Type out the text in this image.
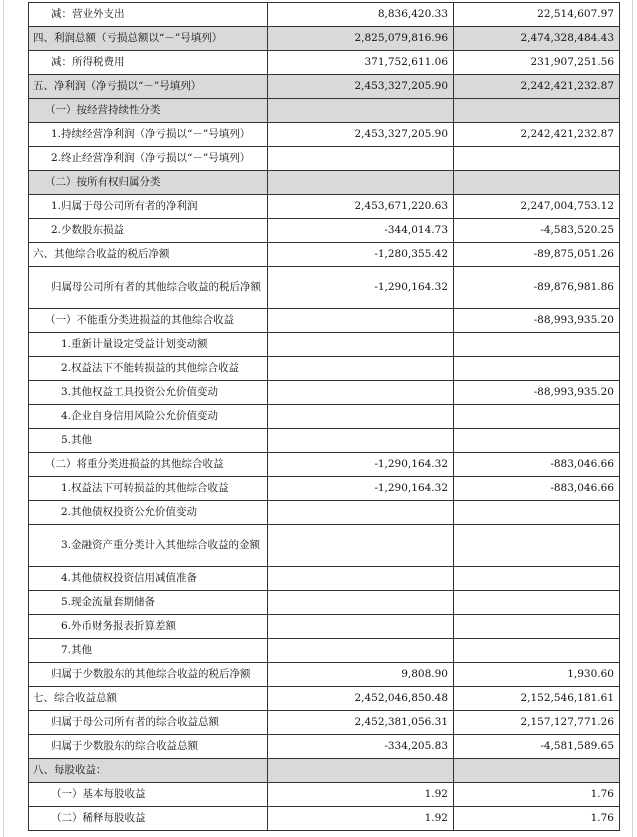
减：营业外支出	8,836,420.33	22,514,607.97
四、利润总额（亏损总额以“－”号填列）	2,825,079,816.96	2,474,328,484.43
减：所得税费用	371,752,611.06	231,907,251.56
五、净利润（净亏损以“－”号填列）	2,453,327,205.90	2,242,421,232.87
（一）按经营持续性分类		
1.持续经营净利润（净亏损以“－”号填列）	2,453,327,205.90	2,242,421,232.87
2.终止经营净利润（净亏损以“－”号填列）		
（二）按所有权归属分类		
1.归属于母公司所有者的净利润	2,453,671,220.63	2,247,004,753.12
2.少数股东损益	-344,014.73	-4,583,520.25
六、其他综合收益的税后净额	-1,280,355.42	-89,875,051.26
归属母公司所有者的其他综合收益的税后净额	-1,290,164.32	-89,876,981.86
（一）不能重分类进损益的其他综合收益		-88,993,935.20
1.重新计量设定受益计划变动额		
2.权益法下不能转损益的其他综合收益		
3.其他权益工具投资公允价值变动		-88,993,935.20
4.企业自身信用风险公允价值变动		
5.其他		
（二）将重分类进损益的其他综合收益	-1,290,164.32	-883,046.66
1.权益法下可转损益的其他综合收益	-1,290,164.32	-883,046.66
2.其他债权投资公允价值变动		
3.金融资产重分类计入其他综合收益的金额		
4.其他债权投资信用减值准备		
5.现金流量套期储备		
6.外币财务报表折算差额		
7.其他		
归属于少数股东的其他综合收益的税后净额	9,808.90	1,930.60
七、综合收益总额	2,452,046,850.48	2,152,546,181.61
归属于母公司所有者的综合收益总额	2,452,381,056.31	2,157,127,771.26
归属于少数股东的综合收益总额	-334,205.83	-4,581,589.65
八、每股收益：		
（一）基本每股收益	1.92	1.76
（二）稀释每股收益	1.92	1.76
